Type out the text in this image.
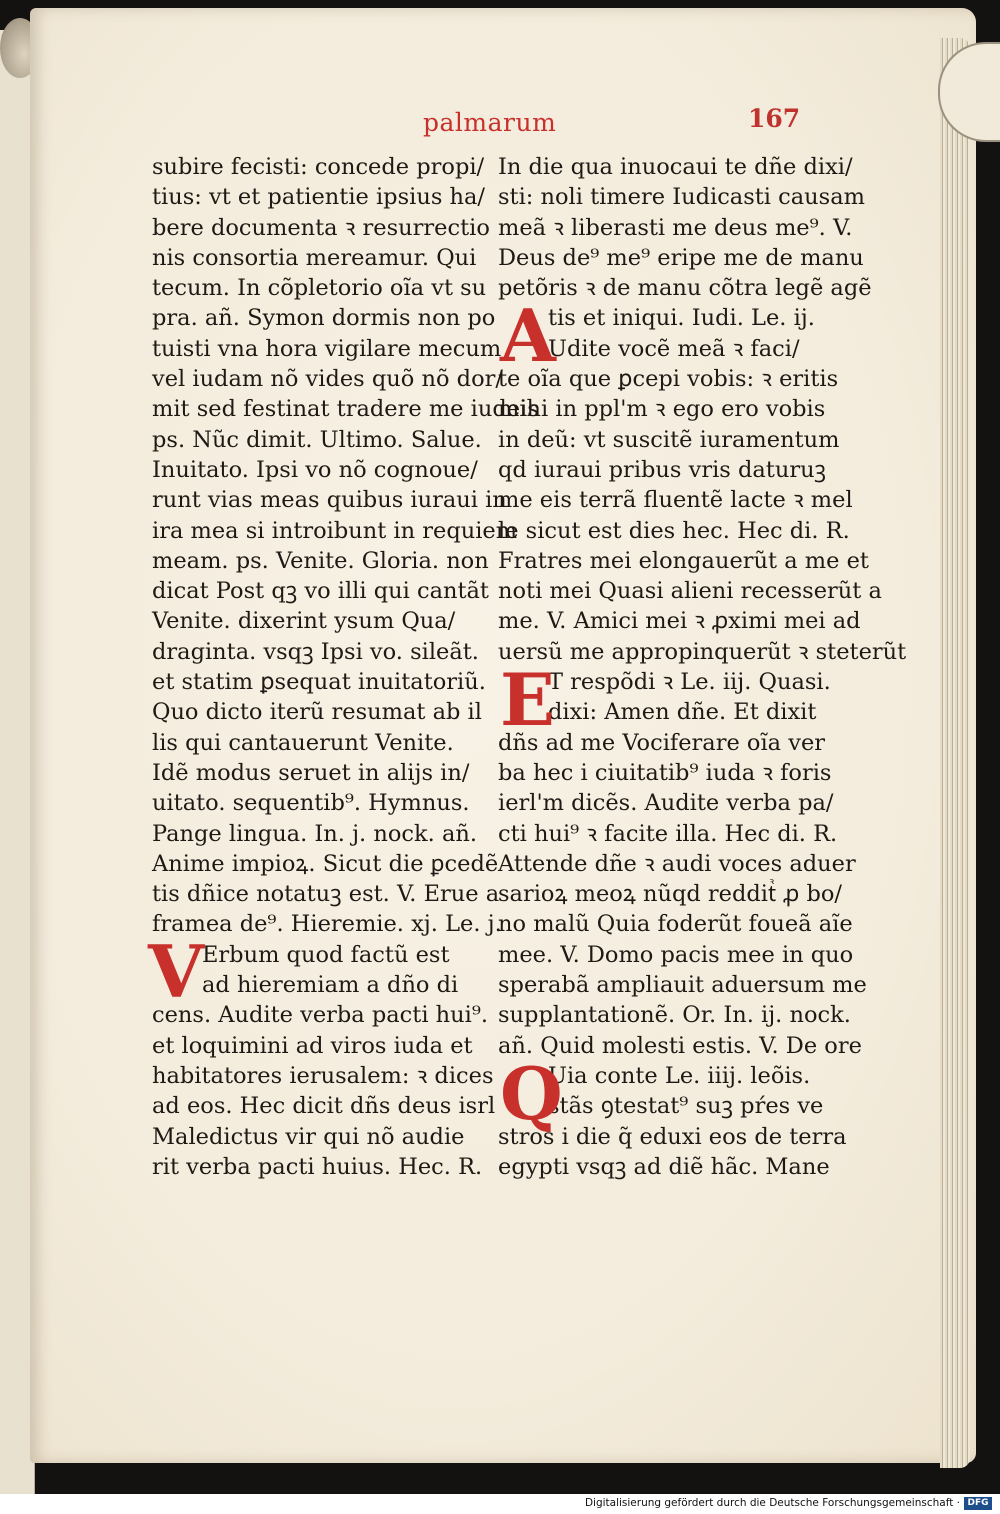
palmarum	167
subire fecisti: concede propi/
tius: vt et patientie ipsius ha/
bere documenta ꝛ resurrectio
nis consortia mereamur. Qui
tecum. In cõpletorio oĩa vt su
pra. añ. Symon dormis non po
tuisti vna hora vigilare mecum
vel iudam nõ vides quõ nõ dor/
mit sed festinat tradere me iudeis
ps. Nũc dimit. Ultimo. Salue.
Inuitato. Ipsi vo nõ cognoue/
runt vias meas quibus iuraui in
ira mea si introibunt in requiem
meam. ps. Venite. Gloria. non
dicat Post qꝫ vo illi qui cantãt
Venite. dixerint ysum Qua/
draginta. vsqꝫ Ipsi vo. sileãt.
et statim ꝑsequat inuitatoriũ.
Quo dicto iterũ resumat ab il
lis qui cantauerunt Venite.
Idẽ modus seruet in alijs in/
uitato. sequentib⁹. Hymnus.
Pange lingua. In. j. nock. añ.
Anime impioꝝ. Sicut die ꝑcedẽ
tis dñice notatuꝫ est. V. Erue a
framea de⁹. Hieremie. xj. Le. j.
Erbum quod factũ est
ad hieremiam a dño di
cens. Audite verba pacti hui⁹.
et loquimini ad viros iuda et
habitatores ierusalem: ꝛ dices
ad eos. Hec dicit dñs deus isrl
Maledictus vir qui nõ audie
rit verba pacti huius. Hec. R.
V
In die qua inuocaui te dñe dixi/
sti: noli timere Iudicasti causam
meã ꝛ liberasti me deus me⁹. V.
Deus de⁹ me⁹ eripe me de manu
petõris ꝛ de manu cõtra legẽ agẽ
tis et iniqui. Iudi. Le. ij.
Udite vocẽ meã ꝛ faci/
te oĩa que ꝑcepi vobis: ꝛ eritis
mihi in ppl'm ꝛ ego ero vobis
in deũ: vt suscitẽ iuramentum
qd iuraui pribus vris daturuꝫ
me eis terrã fluentẽ lacte ꝛ mel
le sicut est dies hec. Hec di. R.
Fratres mei elongauerũt a me et
noti mei Quasi alieni recesserũt a
me. V. Amici mei ꝛ ꝓximi mei ad
uersũ me appropinquerũt ꝛ steterũt
T respõdi ꝛ Le. iij. Quasi.
dixi: Amen dñe. Et dixit
dñs ad me Vociferare oĩa ver
ba hec i ciuitatib⁹ iuda ꝛ foris
ierl'm dicẽs. Audite verba pa/
cti hui⁹ ꝛ facite illa. Hec di. R.
Attende dñe ꝛ audi voces aduer
sarioꝝ meoꝝ nũqd redditᷣ ꝓ bo/
no malũ Quia foderũt foueã aĩe
mee. V. Domo pacis mee in quo
sperabã ampliauit aduersum me
supplantationẽ. Or. In. ij. nock.
añ. Quid molesti estis. V. De ore
Uia conte Le. iiij. leõis.
stãs ꝯtestat⁹ suꝫ pŕes ve
stros i die q̃ eduxi eos de terra
egypti vsqꝫ ad diẽ hãc. Mane
A
E
Q
Digitalisierung gefördert durch die Deutsche Forschungsgemeinschaft · DFG
